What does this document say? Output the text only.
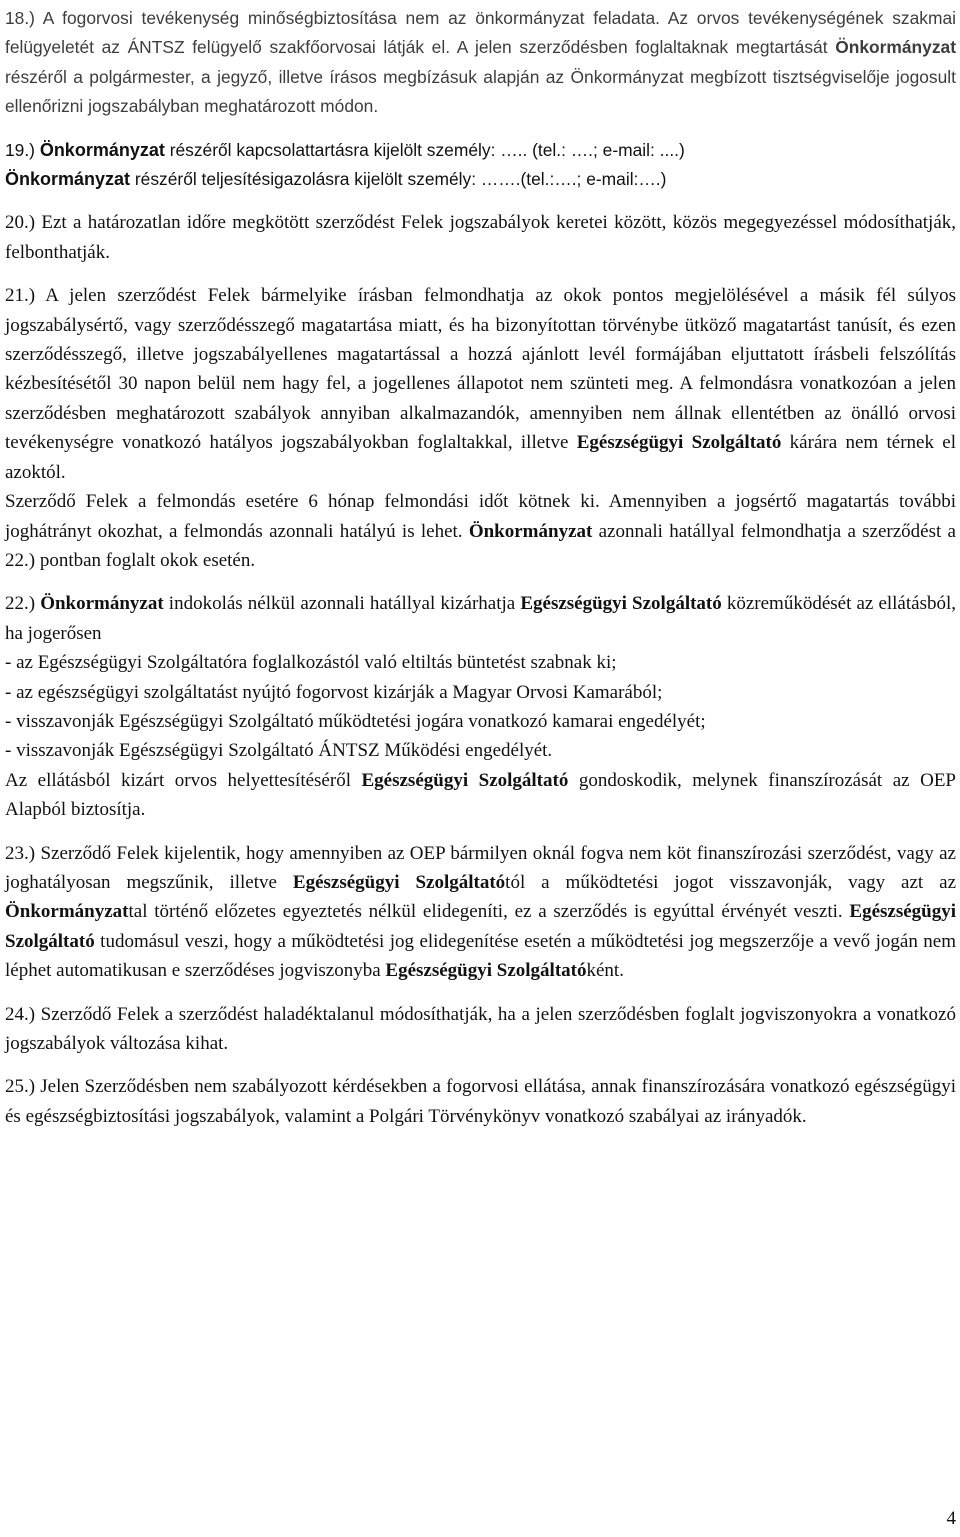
18.) A fogorvosi tevékenység minőségbiztosítása nem az önkormányzat feladata. Az orvos tevékenységének szakmai felügyeletét az ÁNTSZ felügyelő szakfőorvosai látják el. A jelen szerződésben foglaltaknak megtartását Önkormányzat részéről a polgármester, a jegyző, illetve írásos megbízásuk alapján az Önkormányzat megbízott tisztségviselője jogosult ellenőrizni jogszabályban meghatározott módon.

19.) Önkormányzat részéről kapcsolattartásra kijelölt személy: ….. (tel.: ….; e-mail: ....)
Önkormányzat részéről teljesítésigazolásra kijelölt személy: …….(tel.:….; e-mail:….)

20.) Ezt a határozatlan időre megkötött szerződést Felek jogszabályok keretei között, közös megegyezéssel módosíthatják, felbonthatják.

21.) A jelen szerződést Felek bármelyike írásban felmondhatja az okok pontos megjelölésével a másik fél súlyos jogszabálysértő, vagy szerződésszegő magatartása miatt, és ha bizonyítottan törvénybe ütköző magatartást tanúsít, és ezen szerződésszegő, illetve jogszabályellenes magatartással a hozzá ajánlott levél formájában eljuttatott írásbeli felszólítás kézbesítésétől 30 napon belül nem hagy fel, a jogellenes állapotot nem szünteti meg. A felmondásra vonatkozóan a jelen szerződésben meghatározott szabályok annyiban alkalmazandók, amennyiben nem állnak ellentétben az önálló orvosi tevékenységre vonatkozó hatályos jogszabályokban foglaltakkal, illetve Egészségügyi Szolgáltató kárára nem térnek el azoktól.

Szerződő Felek a felmondás esetére 6 hónap felmondási időt kötnek ki. Amennyiben a jogsértő magatartás további joghátrányt okozhat, a felmondás azonnali hatályú is lehet. Önkormányzat azonnali hatállyal felmondhatja a szerződést a 22.) pontban foglalt okok esetén.

22.) Önkormányzat indokolás nélkül azonnali hatállyal kizárhatja Egészségügyi Szolgáltató közreműködését az ellátásból, ha jogerősen

- az Egészségügyi Szolgáltatóra foglalkozástól való eltiltás büntetést szabnak ki;

- az egészségügyi szolgáltatást nyújtó fogorvost kizárják a Magyar Orvosi Kamarából;

- visszavonják Egészségügyi Szolgáltató működtetési jogára vonatkozó kamarai engedélyét;

- visszavonják Egészségügyi Szolgáltató ÁNTSZ Működési engedélyét.

Az ellátásból kizárt orvos helyettesítéséről Egészségügyi Szolgáltató gondoskodik, melynek finanszírozását az OEP Alapból biztosítja.

23.) Szerződő Felek kijelentik, hogy amennyiben az OEP bármilyen oknál fogva nem köt finanszírozási szerződést, vagy az joghatályosan megszűnik, illetve Egészségügyi Szolgáltatótól a működtetési jogot visszavonják, vagy azt az Önkormányzattal történő előzetes egyeztetés nélkül elidegeníti, ez a szerződés is egyúttal érvényét veszti. Egészségügyi Szolgáltató tudomásul veszi, hogy a működtetési jog elidegenítése esetén a működtetési jog megszerzője a vevő jogán nem léphet automatikusan e szerződéses jogviszonyba Egészségügyi Szolgáltatóként.

24.) Szerződő Felek a szerződést haladéktalanul módosíthatják, ha a jelen szerződésben foglalt jogviszonyokra a vonatkozó jogszabályok változása kihat.

25.) Jelen Szerződésben nem szabályozott kérdésekben a fogorvosi ellátása, annak finanszírozására vonatkozó egészségügyi és egészségbiztosítási jogszabályok, valamint a Polgári Törvénykönyv vonatkozó szabályai az irányadók.

4
